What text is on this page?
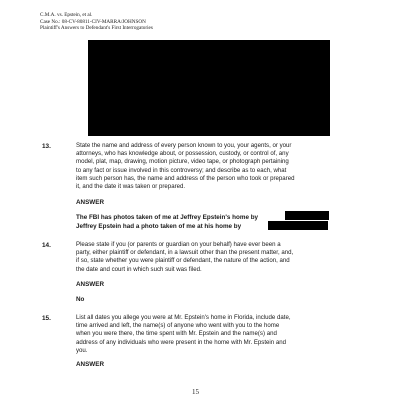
C.M.A. vs. Epstein, et al.
Case No.: 08-CV-80811-CIV-MARRA/JOHNSON
Plaintiff's Answers to Defendant's First Interrogatories
13.	State the name and address of every person known to you, your agents, or your
attorneys, who has knowledge about, or possession, custody, or control of, any
model, plat, map, drawing, motion picture, video tape, or photograph pertaining
to any fact or issue involved in this controversy; and describe as to each, what
item such person has, the name and address of the person who took or prepared
it, and the date it was taken or prepared.
ANSWER
The FBI has photos taken of me at Jeffrey Epstein's home by
Jeffrey Epstein had a photo taken of me at his home by
14.	Please state if you (or parents or guardian on your behalf) have ever been a
party, either plaintiff or defendant, in a lawsuit other than the present matter, and,
if so, state whether you were plaintiff or defendant, the nature of the action, and
the date and court in which such suit was filed.
ANSWER
No
15.	List all dates you allege you were at Mr. Epstein's home in Florida, include date,
time arrived and left, the name(s) of anyone who went with you to the home
when you were there, the time spent with Mr. Epstein and the name(s) and
address of any individuals who were present in the home with Mr. Epstein and
you.
ANSWER
15
